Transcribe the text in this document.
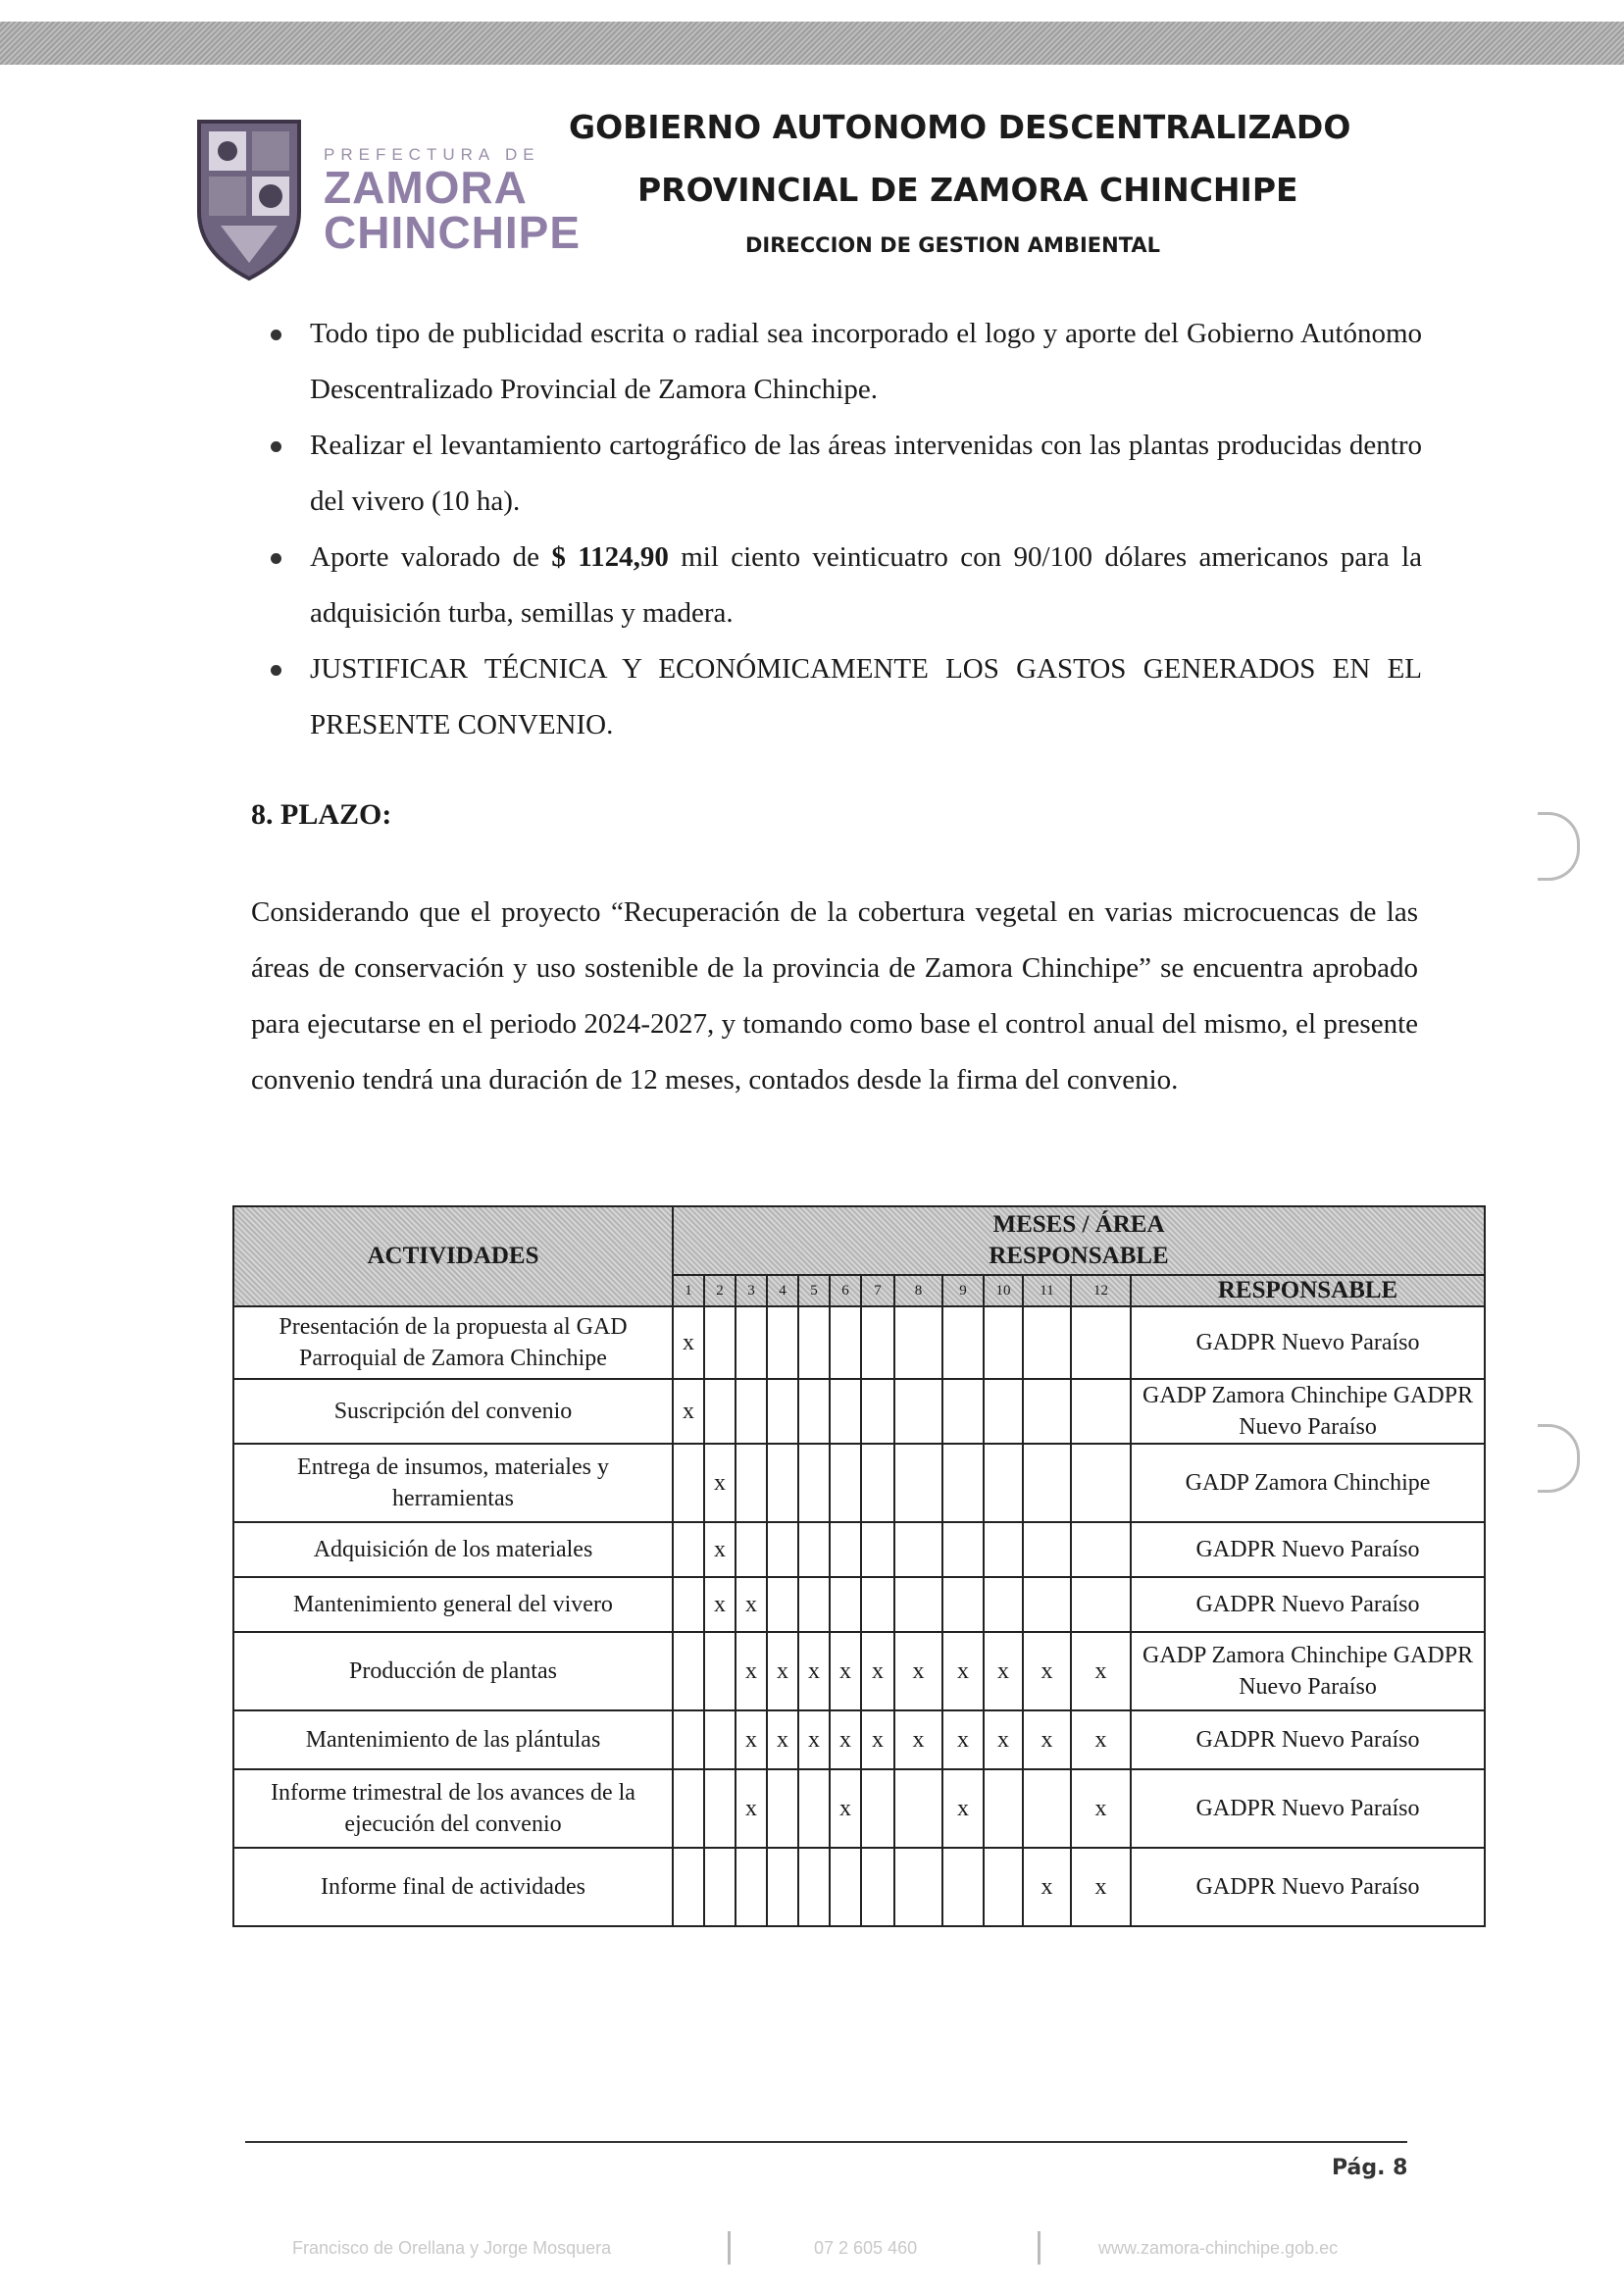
PREFECTURA DE
ZAMORA
CHINCHIPE
GOBIERNO AUTONOMO DESCENTRALIZADO
PROVINCIAL DE ZAMORA CHINCHIPE
DIRECCION DE GESTION AMBIENTAL
Todo tipo de publicidad escrita o radial sea incorporado el logo y aporte del Gobierno Autónomo Descentralizado Provincial de Zamora Chinchipe.
Realizar el levantamiento cartográfico de las áreas intervenidas con las plantas producidas dentro del vivero (10 ha).
Aporte valorado de $ 1124,90 mil ciento veinticuatro con 90/100 dólares americanos para la adquisición turba, semillas y madera.
JUSTIFICAR TÉCNICA Y ECONÓMICAMENTE LOS GASTOS GENERADOS EN EL PRESENTE CONVENIO.
8. PLAZO:
Considerando que el proyecto “Recuperación de la cobertura vegetal en varias microcuencas de las áreas de conservación y uso sostenible de la provincia de Zamora Chinchipe” se encuentra aprobado para ejecutarse en el periodo 2024-2027, y tomando como base el control anual del mismo, el presente convenio tendrá una duración de 12 meses, contados desde la firma del convenio.
ACTIVIDADES	MESES / ÁREA RESPONSABLE												

	1	2	3	4	5	6	7	8	9	10	11	12	RESPONSABLE
Presentación de la propuesta al GAD Parroquial de Zamora Chinchipe	x												GADPR Nuevo Paraíso
Suscripción del convenio	x												GADP Zamora Chinchipe GADPR Nuevo Paraíso
Entrega de insumos, materiales y herramientas		x											GADP Zamora Chinchipe
Adquisición de los materiales		x											GADPR Nuevo Paraíso
Mantenimiento general del vivero		x	x										GADPR Nuevo Paraíso
Producción de plantas			x	x	x	x	x	x	x	x	x	x	GADP Zamora Chinchipe GADPR Nuevo Paraíso
Mantenimiento de las plántulas			x	x	x	x	x	x	x	x	x	x	GADPR Nuevo Paraíso
Informe trimestral de los avances de la ejecución del convenio			x			x			x			x	GADPR Nuevo Paraíso
Informe final de actividades											x	x	GADPR Nuevo Paraíso
Pág. 8
Francisco de Orellana y Jorge Mosquera	07 2 605 460	www.zamora-chinchipe.gob.ec
